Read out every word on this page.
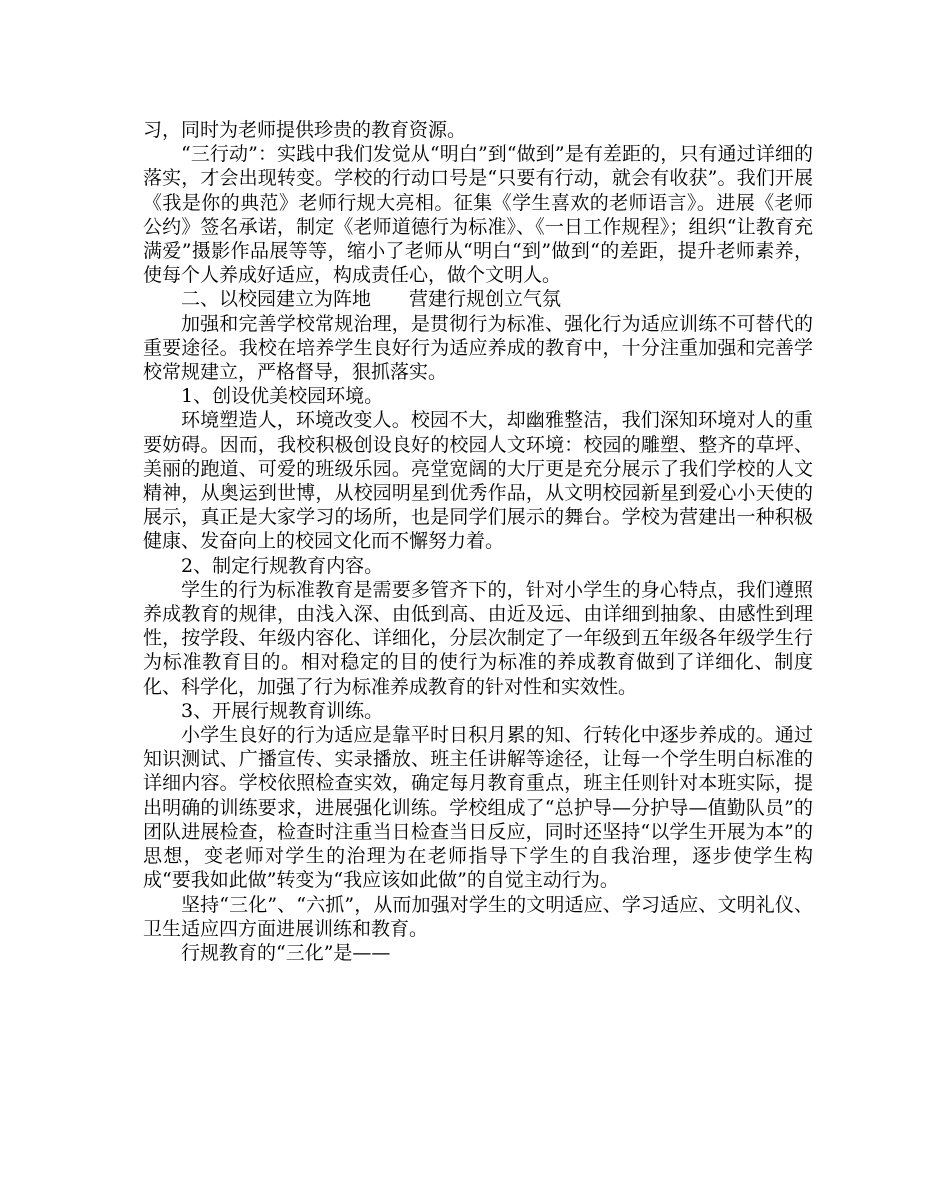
习，同时为老师提供珍贵的教育资源。

“三行动”：实践中我们发觉从“明白”到“做到”是有差距的，只有通过详细的落实，才会出现转变。学校的行动口号是“只要有行动，就会有收获”。我们开展《我是你的典范》老师行规大亮相。征集《学生喜欢的老师语言》。进展《老师公约》签名承诺，制定《老师道德行为标准》、《一日工作规程》；组织“让教育充满爱”摄影作品展等等，缩小了老师从“明白“到”做到“的差距，提升老师素养，使每个人养成好适应，构成责任心，做个文明人。

二、以校园建立为阵地　　营建行规创立气氛

加强和完善学校常规治理，是贯彻行为标准、强化行为适应训练不可替代的重要途径。我校在培养学生良好行为适应养成的教育中，十分注重加强和完善学校常规建立，严格督导，狠抓落实。

1、创设优美校园环境。

环境塑造人，环境改变人。校园不大，却幽雅整洁，我们深知环境对人的重要妨碍。因而，我校积极创设良好的校园人文环境：校园的雕塑、整齐的草坪、美丽的跑道、可爱的班级乐园。亮堂宽阔的大厅更是充分展示了我们学校的人文精神，从奥运到世博，从校园明星到优秀作品，从文明校园新星到爱心小天使的展示，真正是大家学习的场所，也是同学们展示的舞台。学校为营建出一种积极健康、发奋向上的校园文化而不懈努力着。

2、制定行规教育内容。

学生的行为标准教育是需要多管齐下的，针对小学生的身心特点，我们遵照养成教育的规律，由浅入深、由低到高、由近及远、由详细到抽象、由感性到理性，按学段、年级内容化、详细化，分层次制定了一年级到五年级各年级学生行为标准教育目的。相对稳定的目的使行为标准的养成教育做到了详细化、制度化、科学化，加强了行为标准养成教育的针对性和实效性。

3、开展行规教育训练。

小学生良好的行为适应是靠平时日积月累的知、行转化中逐步养成的。通过知识测试、广播宣传、实录播放、班主任讲解等途径，让每一个学生明白标准的详细内容。学校依照检查实效，确定每月教育重点，班主任则针对本班实际，提出明确的训练要求，进展强化训练。学校组成了“总护导—分护导—值勤队员”的团队进展检查，检查时注重当日检查当日反应，同时还坚持“以学生开展为本”的思想，变老师对学生的治理为在老师指导下学生的自我治理，逐步使学生构成“要我如此做”转变为“我应该如此做”的自觉主动行为。

坚持“三化”、“六抓”，从而加强对学生的文明适应、学习适应、文明礼仪、卫生适应四方面进展训练和教育。

行规教育的“三化”是——
